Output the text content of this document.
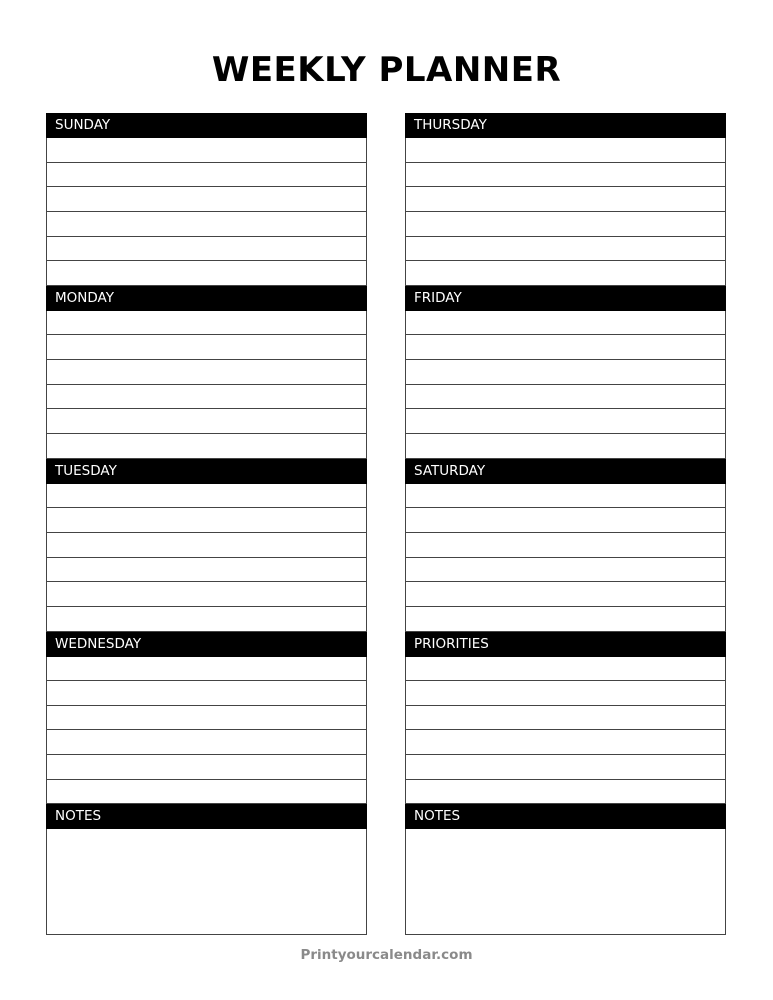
WEEKLY PLANNER
SUNDAY
MONDAY
TUESDAY
WEDNESDAY
NOTES
THURSDAY
FRIDAY
SATURDAY
PRIORITIES
NOTES
Printyourcalendar.com
